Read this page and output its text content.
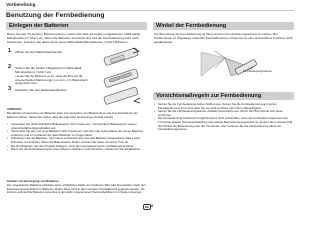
Vorbereitung
Benutzung der Fernbedienung
Einlegen der Batterien
Bevor Sie das TV-Gerät in Betrieb nehmen, setzen Sie bitte die beiden mitgelieferten LR03-Alkali-Mikrobatterien ("AAA") ein. Wenn die Batterien erschöpft sind und die Fernbedienung nicht mehr funktioniert, ersetzen Sie diese durch neue LR03-Alkali-Mikrobatterien ("AAA")-Batterien.
1 Öffnen Sie den Batteriefachdeckel.
2 Setzen Sie die beiden mitgelieferten LR03-Alkali-Mikrobatterien ("AAA") ein.
• Legen Sie die Batterien so ein, dass die Pole auf die entsprechenden Markierungen (+) und (−) im Batteriefach ausgerichtet sind.
3 Schließen Sie den Batteriefachdeckel.
VORSICHT
Bei falscher Verwendung von Batterien kann zum Auslaufen von Batteriesäure und zum Explodieren der Batterien führen. Stellen Sie sicher, dass die folgenden Anweisungen befolgt werden.
• Verwenden Sie unterschiedliche Batterietypen nicht zusammen. Verschiedene Batterietypen weisen unterschiedliche Eigenschaften auf.
• Verwenden Sie alte und neue Batterien nicht zusammen. Das kann die Lebensdauer der neuen Batterien verkürzen und ein Auslaufen der alten Batterien zur Folge haben.
• Entnehmen Sie die Batterien, wenn diese verbraucht sind. Aus den Batterien ausgetretene Säure kann Korrosion verursachen. Wenn Sie Batteriesäure finden, wischen Sie diese mit einem Tuch ab.
• Bei den Batterien, die dem Produkt beiliegen, kann die Lebensdauer kürzer ausfallen als erwartet.
• Wenn Sie die Fernbedienung für einen längeren Zeitraum nicht benutzen, entnehmen Sie die Batterien.
Hinweis zur Entsorgung von Batterien
Die mitgelieferten Batterien enthalten keine schädlichen Stoffe wie Cadmium, Blei oder Quecksilber. Nach den Entsorgungsvorschriften für Batterien dürfen diese nicht in den normalen Haushaltsmüll gegeben werden. Sie können verbrauchte Batterien kostenlos in den dafür vorgesehenen Sammelbehältern im Handel entsorgen.
Winkel der Fernbedienung
Zur Benutzung der Fernbedienung ist diese auf den Fernbedienungssensor zu richten. Bei Hindernissen im Signalweg zwischen Fernbedienung und Sensor ist eine einwandfreie Funktion nicht gewährleistet.
Fernbedienungssensor
Vorsichtsmaßregeln zur Fernbedienung
• Setzen Sie die Fernbedienung keinen Stößen aus. Setzen Sie die Fernbedienung auch keinen Flüssigkeiten aus und verwenden Sie sie nicht an Orten mit hoher Luftfeuchtigkeit.
• Setzen Sie die Fernbedienungskeinem direkten Sonnenlicht aus. Durch die Hitze könnte sich diese verformen.
• Die Fernbedienung funktioniert möglicherweise nicht einwandfrei, wenn der Fernbedienungssensor des TV-Geräts direkter Sonneneinstrahlung oder starker Beleuchtung ausgesetzt ist. Ändern Sie in diesem Fall den Winkel der Beleuchtung oder des TV-Geräts, oder bedienen Sie die Fernbedienung näher am Fernbedienungssensor.
DE -8
